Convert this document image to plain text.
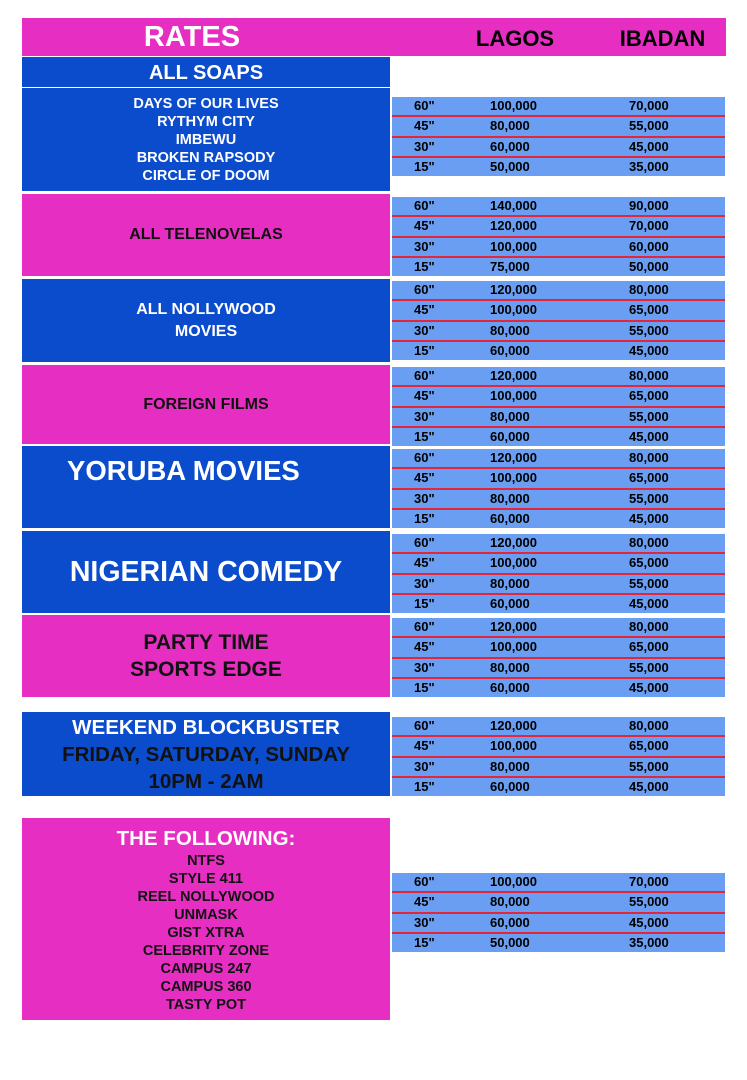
RATES	LAGOS	IBADAN
ALL SOAPS
DAYS OF OUR LIVES
RYTHYM CITY
IMBEWU
BROKEN RAPSODY
CIRCLE OF DOOM
60"	100,000	70,000
45"	80,000	55,000
30"	60,000	45,000
15"	50,000	35,000
ALL TELENOVELAS
60"	140,000	90,000
45"	120,000	70,000
30"	100,000	60,000
15"	75,000	50,000
ALL NOLLYWOOD
MOVIES
60"	120,000	80,000
45"	100,000	65,000
30"	80,000	55,000
15"	60,000	45,000
FOREIGN FILMS
60"	120,000	80,000
45"	100,000	65,000
30"	80,000	55,000
15"	60,000	45,000
YORUBA MOVIES	60"	120,000	80,000
45"	100,000	65,000
30"	80,000	55,000
15"	60,000	45,000
NIGERIAN COMEDY
60"	120,000	80,000
45"	100,000	65,000
30"	80,000	55,000
15"	60,000	45,000
PARTY TIME
SPORTS EDGE
60"	120,000	80,000
45"	100,000	65,000
30"	80,000	55,000
15"	60,000	45,000
WEEKEND BLOCKBUSTER
FRIDAY, SATURDAY, SUNDAY
10PM - 2AM
60"	120,000	80,000
45"	100,000	65,000
30"	80,000	55,000
15"	60,000	45,000
THE FOLLOWING:
NTFS
STYLE 411
REEL NOLLYWOOD
UNMASK
GIST XTRA
CELEBRITY ZONE
CAMPUS 247
CAMPUS 360
TASTY POT
60"	100,000	70,000
45"	80,000	55,000
30"	60,000	45,000
15"	50,000	35,000
